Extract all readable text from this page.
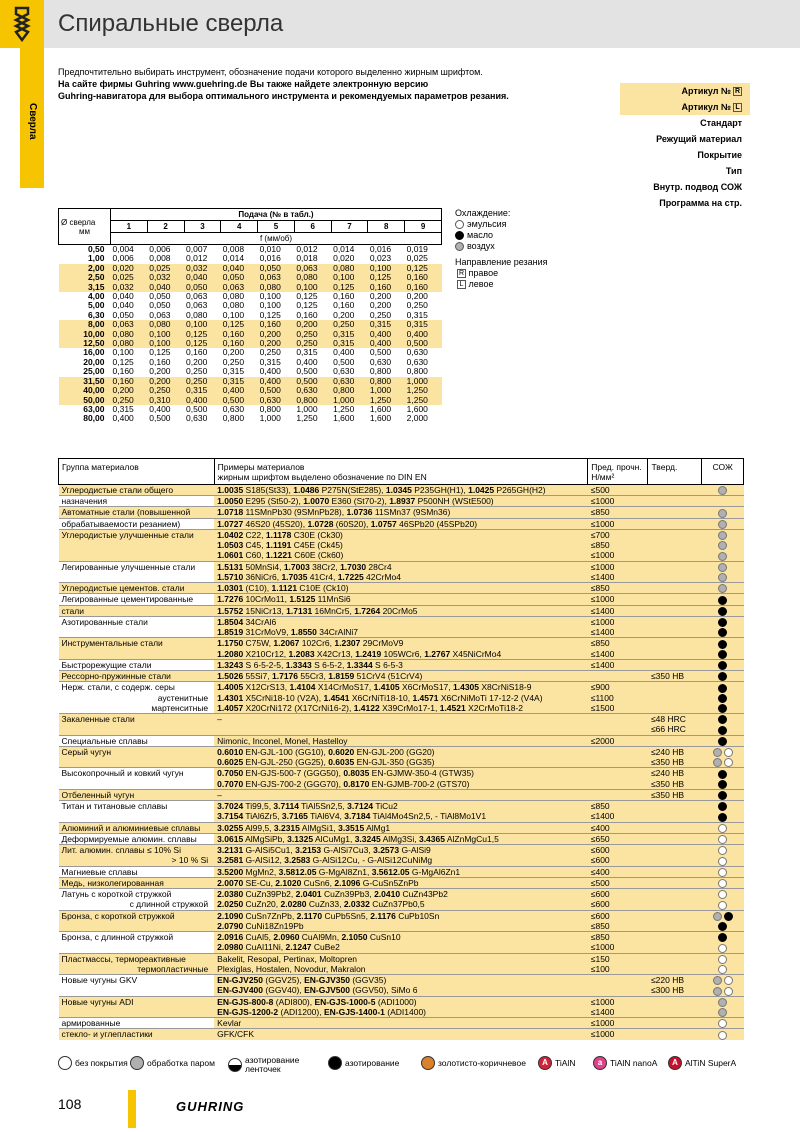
Спиральные сверла
Сверла
Предпочтительно выбирать инструмент, обозначение подачи которого выделенно жирным шрифтом.
На сайте фирмы Guhring www.guehring.de Вы также найдете электронную версию
Guhring-навигатора для выбора оптимального инструмента и рекомендуемых параметров резания.	Артикул № R
Артикул № L
Стандарт
Режущий материал
Покрытие
Тип
Внутр. подвод СОЖ
Программа на стр.
Ø сверла
мм	Подача (№ в табл.)								
	1	2	3	4	5	6	7	8	9
	f (мм/об)								
0,50	0,004	0,006	0,007	0,008	0,010	0,012	0,014	0,016	0,019
1,00	0,006	0,008	0,012	0,014	0,016	0,018	0,020	0,023	0,025
2,00	0,020	0,025	0,032	0,040	0,050	0,063	0,080	0,100	0,125
2,50	0,025	0,032	0,040	0,050	0,063	0,080	0,100	0,125	0,160
3,15	0,032	0,040	0,050	0,063	0,080	0,100	0,125	0,160	0,160
4,00	0,040	0,050	0,063	0,080	0,100	0,125	0,160	0,200	0,200
5,00	0,040	0,050	0,063	0,080	0,100	0,125	0,160	0,200	0,250
6,30	0,050	0,063	0,080	0,100	0,125	0,160	0,200	0,250	0,315
8,00	0,063	0,080	0,100	0,125	0,160	0,200	0,250	0,315	0,315
10,00	0,080	0,100	0,125	0,160	0,200	0,250	0,315	0,400	0,400
12,50	0,080	0,100	0,125	0,160	0,200	0,250	0,315	0,400	0,500
16,00	0,100	0,125	0,160	0,200	0,250	0,315	0,400	0,500	0,630
20,00	0,125	0,160	0,200	0,250	0,315	0,400	0,500	0,630	0,630
25,00	0,160	0,200	0,250	0,315	0,400	0,500	0,630	0,800	0,800
31,50	0,160	0,200	0,250	0,315	0,400	0,500	0,630	0,800	1,000
40,00	0,200	0,250	0,315	0,400	0,500	0,630	0,800	1,000	1,250
50,00	0,250	0,310	0,400	0,500	0,630	0,800	1,000	1,250	1,250
63,00	0,315	0,400	0,500	0,630	0,800	1,000	1,250	1,600	1,600
80,00	0,400	0,500	0,630	0,800	1,000	1,250	1,600	1,600	2,000
Охлаждение:
эмульсия
масло
воздух
Направление резания
R правое
L левое
Группа материалов	Примеры материалов
жирным шрифтом выделено обозначение по DIN EN	Пред. прочн.
Н/мм²	Тверд.	СОЖ
Углеродистые стали общего	1.0035 S185(St33), 1.0486 P275N(StE285), 1.0345 P235GH(H1), 1.0425 P265GH(H2)	≤500		
назначения	1.0050 E295 (St50-2), 1.0070 E360 (St70-2), 1.8937 P500NH (WStE500)	≤1000		
Автоматные стали (повышенной	1.0718 11SMnPb30 (9SMnPb28), 1.0736 11SMn37 (9SMn36)	≤850		
обрабатываемости резанием)	1.0727 46S20 (45S20), 1.0728 (60S20), 1.0757 46SPb20 (45SPb20)	≤1000		
Углеродистые улучшенные стали	1.0402 C22, 1.1178 C30E (Ck30)	≤700		
	1.0503 C45, 1.1191 C45E (Ck45)	≤850		
	1.0601 C60, 1.1221 C60E (Ck60)	≤1000		
Легированные улучшенные стали	1.5131 50MnSi4, 1.7003 38Cr2, 1.7030 28Cr4	≤1000		
	1.5710 36NiCr6, 1.7035 41Cr4, 1.7225 42CrMo4	≤1400		
Углеродистые цементов. стали	1.0301 (C10), 1.1121 C10E (Ck10)	≤850		
Легированные цементированные	1.7276 10CrMo11, 1.5125 11MnSi6	≤1000		
стали	1.5752 15NiCr13, 1.7131 16MnCr5, 1.7264 20CrMo5	≤1400		
Азотированные стали	1.8504 34CrAl6	≤1000		
	1.8519 31CrMoV9, 1.8550 34CrAlNi7	≤1400		
Инструментальные стали	1.1750 C75W, 1.2067 102Cr6, 1.2307 29CrMoV9	≤850		
	1.2080 X210Cr12, 1.2083 X42Cr13, 1.2419 105WCr6, 1.2767 X45NiCrMo4	≤1400		
Быстрорежущие стали	1.3243 S 6-5-2-5, 1.3343 S 6-5-2, 1.3344 S 6-5-3	≤1400		
Рессорно-пружинные стали	1.5026 55Si7, 1.7176 55Cr3, 1.8159 51CrV4 (51CrV4)		≤350 HB	
Нерж. стали, с содерж. серы	1.4005 X12CrS13, 1.4104 X14CrMoS17, 1.4105 X6CrMoS17, 1.4305 X8CrNiS18-9	≤900		
аустенитные	1.4301 X5CrNi18-10 (V2A), 1.4541 X6CrNiTi18-10, 1.4571 X6CrNiMoTi 17-12-2 (V4A)	≤1100		
мартенситные	1.4057 X20CrNi172 (X17CrNi16-2), 1.4122 X39CrMo17-1, 1.4521 X2CrMoTi18-2	≤1500		
Закаленные стали	–		≤48 HRC	
			≤66 HRC	
Специальные сплавы	Nimonic, Inconel, Monel, Hastelloy	≤2000		
Серый чугун	0.6010 EN-GJL-100 (GG10), 0.6020 EN-GJL-200 (GG20)		≤240 HB	
	0.6025 EN-GJL-250 (GG25), 0.6035 EN-GJL-350 (GG35)		≤350 HB	
Высокопрочный и ковкий чугун	0.7050 EN-GJS-500-7 (GGG50), 0.8035 EN-GJMW-350-4 (GTW35)		≤240 HB	
	0.7070 EN-GJS-700-2 (GGG70), 0.8170 EN-GJMB-700-2 (GTS70)		≤350 HB	
Отбеленный чугун	–		≤350 HB	
Титан и титановые сплавы	3.7024 Ti99,5, 3.7114 TiAl5Sn2,5, 3.7124 TiCu2	≤850		
	3.7154 TiAl6Zr5, 3.7165 TiAl6V4, 3.7184 TiAl4Mo4Sn2,5, - TiAl8Mo1V1	≤1400		
Алюминий и алюминиевые сплавы	3.0255 Al99,5, 3.2315 AlMgSi1, 3.3515 AlMg1	≤400		
Деформируемые алюмин. сплавы	3.0615 AlMgSiPb, 3.1325 AlCuMg1, 3.3245 AlMg3Si, 3.4365 AlZnMgCu1,5	≤650		
Лит. алюмин. сплавы ≤ 10% Si	3.2131 G-AlSi5Cu1, 3.2153 G-AlSi7Cu3, 3.2573 G-AlSi9	≤600		
> 10 % Si	3.2581 G-AlSi12, 3.2583 G-AlSi12Cu, - G-AlSi12CuNiMg	≤600		
Магниевые сплавы	3.5200 MgMn2, 3.5812.05 G-MgAl8Zn1, 3.5612.05 G-MgAl6Zn1	≤400		
Медь, низколегированная	2.0070 SE-Cu, 2.1020 CuSn6, 2.1096 G-CuSn5ZnPb	≤500		
Латунь с короткой стружкой	2.0380 CuZn39Pb2, 2.0401 CuZn39Pb3, 2.0410 CuZn43Pb2	≤600		
с длинной стружкой	2.0250 CuZn20, 2.0280 CuZn33, 2.0332 CuZn37Pb0,5	≤600		
Бронза, с короткой стружкой	2.1090 CuSn7ZnPb, 2.1170 CuPb5Sn5, 2.1176 CuPb10Sn	≤600		
	2.0790 CuNi18Zn19Pb	≤850		
Бронза, с длинной стружкой	2.0916 CuAl5, 2.0960 CuAl9Mn, 2.1050 CuSn10	≤850		
	2.0980 CuAl11Ni, 2.1247 CuBe2	≤1000		
Пластмассы, термореактивные	Bakelit, Resopal, Pertinax, Moltopren	≤150		
термопластичные	Plexiglas, Hostalen, Novodur, Makralon	≤100		
Новые чугуны GKV	EN-GJV250 (GGV25), EN-GJV350 (GGV35)		≤220 HB	
	EN-GJV400 (GGV40), EN-GJV500 (GGV50), SiMo 6		≤300 HB	
Новые чугуны ADI	EN-GJS-800-8 (ADI800), EN-GJS-1000-5 (ADI1000)	≤1000		
	EN-GJS-1200-2 (ADI1200), EN-GJS-1400-1 (ADI1400)	≤1400		
армированные	Kevlar	≤1000		
стекло- и углепластики	GFK/CFK	≤1000		
без покрытия обработка паром	азотирование
ленточек
азотирование	золотисто-коричневое	A TiAlN	a TiAlN nanoA	A AlTiN SuperA
108	GUHRING
